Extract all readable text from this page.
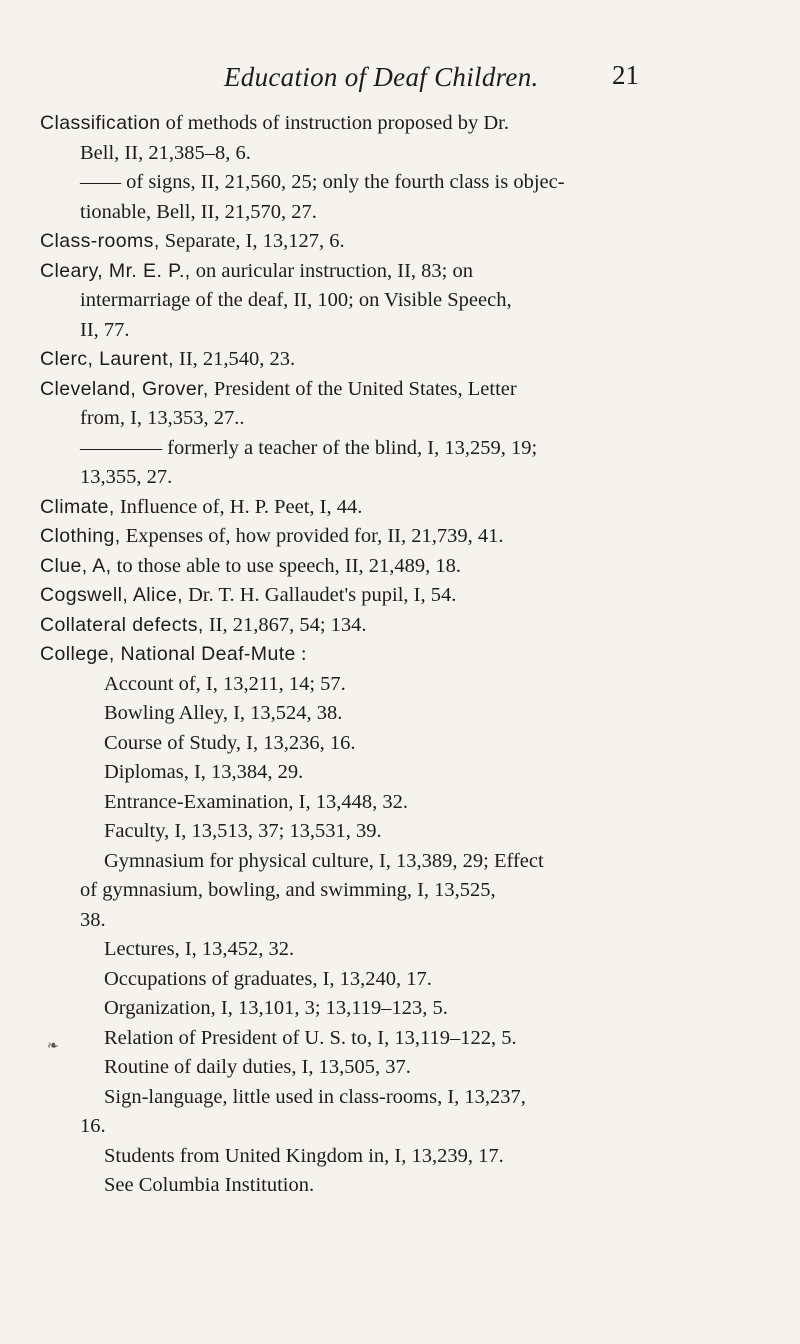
Education of Deaf Children.	21
Classification of methods of instruction proposed by Dr.
Bell, II, 21,385–8, 6.
—— of signs, II, 21,560, 25; only the fourth class is objec-
tionable, Bell, II, 21,570, 27.
Class-rooms, Separate, I, 13,127, 6.
Cleary, Mr. E. P., on auricular instruction, II, 83; on
intermarriage of the deaf, II, 100; on Visible Speech,
II, 77.
Clerc, Laurent, II, 21,540, 23.
Cleveland, Grover, President of the United States, Letter
from, I, 13,353, 27..
———— formerly a teacher of the blind, I, 13,259, 19;
13,355, 27.
Climate, Influence of, H. P. Peet, I, 44.
Clothing, Expenses of, how provided for, II, 21,739, 41.
Clue, A, to those able to use speech, II, 21,489, 18.
Cogswell, Alice, Dr. T. H. Gallaudet's pupil, I, 54.
Collateral defects, II, 21,867, 54; 134.
College, National Deaf-Mute :
Account of, I, 13,211, 14; 57.
Bowling Alley, I, 13,524, 38.
Course of Study, I, 13,236, 16.
Diplomas, I, 13,384, 29.
Entrance-Examination, I, 13,448, 32.
Faculty, I, 13,513, 37; 13,531, 39.
Gymnasium for physical culture, I, 13,389, 29; Effect
of gymnasium, bowling, and swimming, I, 13,525,
38.
Lectures, I, 13,452, 32.
Occupations of graduates, I, 13,240, 17.
Organization, I, 13,101, 3; 13,119–123, 5.
Relation of President of U. S. to, I, 13,119–122, 5.
Routine of daily duties, I, 13,505, 37.
Sign-language, little used in class-rooms, I, 13,237,
16.
Students from United Kingdom in, I, 13,239, 17.
See Columbia Institution.
❧
